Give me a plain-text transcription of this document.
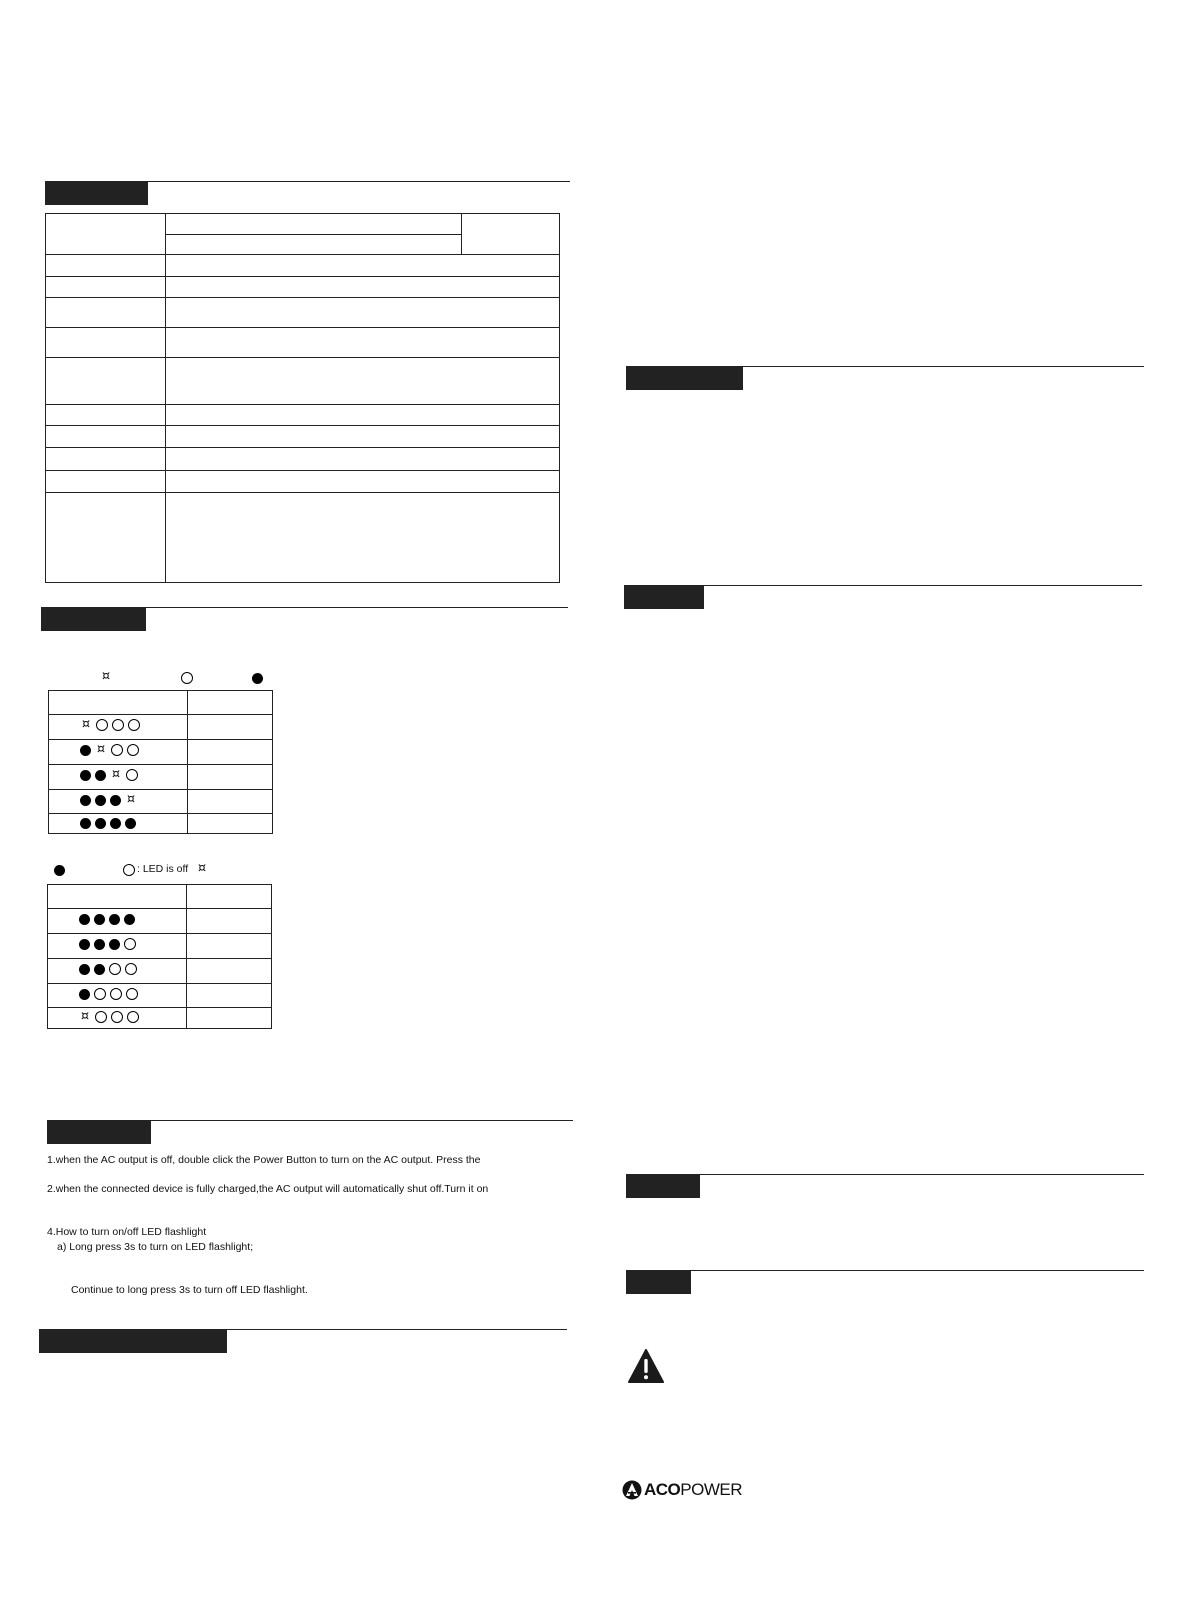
¤
¤
¤
¤
¤
: LED is off ¤
¤
1.when the AC output is off, double click the Power Button to turn on the AC output. Press the
2.when the connected device is fully charged,the AC output will automatically shut off.Turn it on
4.How to turn on/off LED flashlight
a) Long press 3s to turn on LED flashlight;
Continue to long press 3s to turn off LED flashlight.
ACOPOWER
